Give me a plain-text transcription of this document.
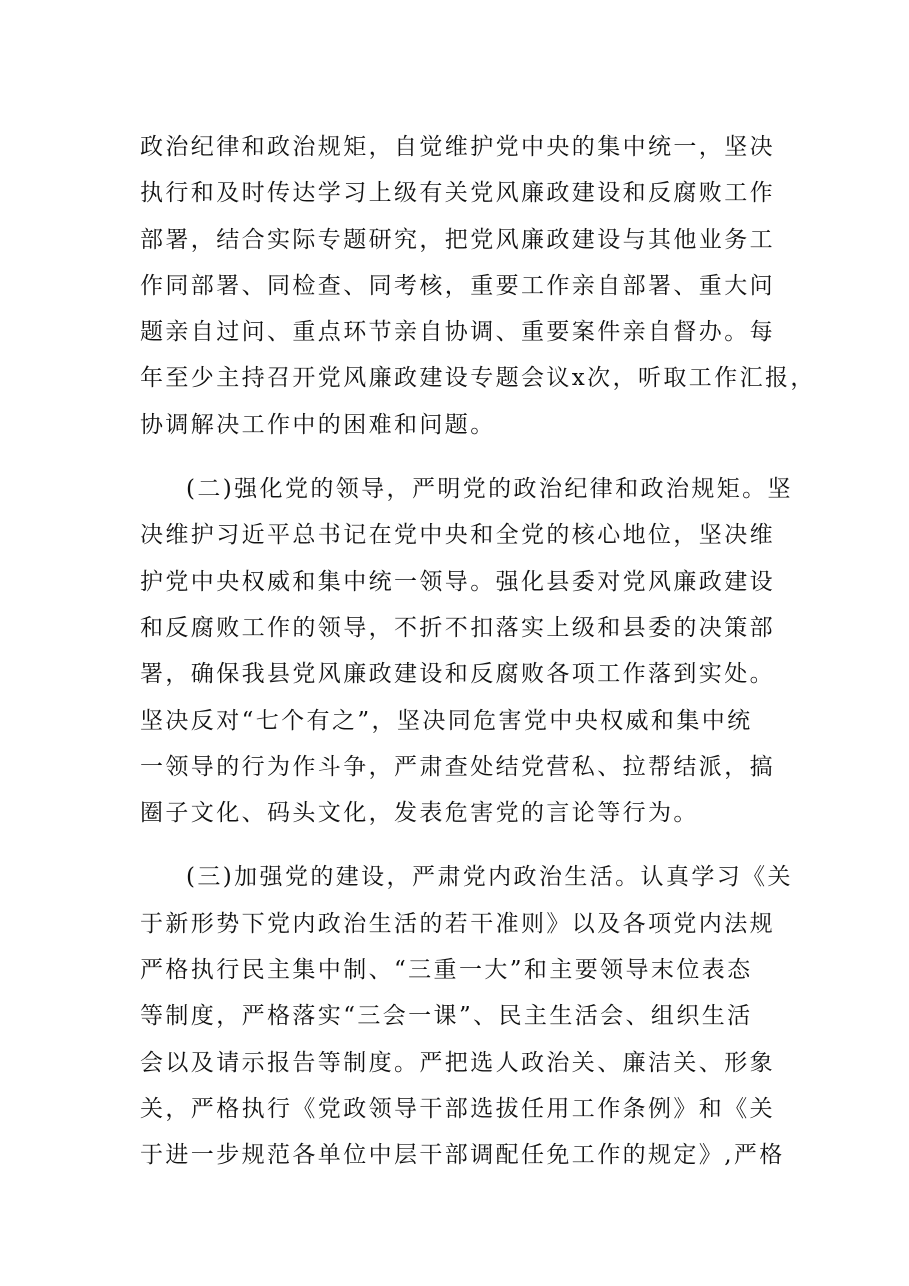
政治纪律和政治规矩，自觉维护党中央的集中统一，坚决
执行和及时传达学习上级有关党风廉政建设和反腐败工作
部署，结合实际专题研究，把党风廉政建设与其他业务工
作同部署、同检查、同考核，重要工作亲自部署、重大问
题亲自过问、重点环节亲自协调、重要案件亲自督办。每
年至少主持召开党风廉政建设专题会议x次，听取工作汇报，
协调解决工作中的困难和问题。
(二)强化党的领导，严明党的政治纪律和政治规矩。坚
决维护习近平总书记在党中央和全党的核心地位，坚决维
护党中央权威和集中统一领导。强化县委对党风廉政建设
和反腐败工作的领导，不折不扣落实上级和县委的决策部
署，确保我县党风廉政建设和反腐败各项工作落到实处。
坚决反对“七个有之”，坚决同危害党中央权威和集中统
一领导的行为作斗争，严肃查处结党营私、拉帮结派，搞
圈子文化、码头文化，发表危害党的言论等行为。
(三)加强党的建设，严肃党内政治生活。认真学习《关
于新形势下党内政治生活的若干准则》以及各项党内法规
严格执行民主集中制、“三重一大”和主要领导末位表态
等制度，严格落实“三会一课”、民主生活会、组织生活
会以及请示报告等制度。严把选人政治关、廉洁关、形象
关，严格执行《党政领导干部选拔任用工作条例》和《关
于进一步规范各单位中层干部调配任免工作的规定》,严格
